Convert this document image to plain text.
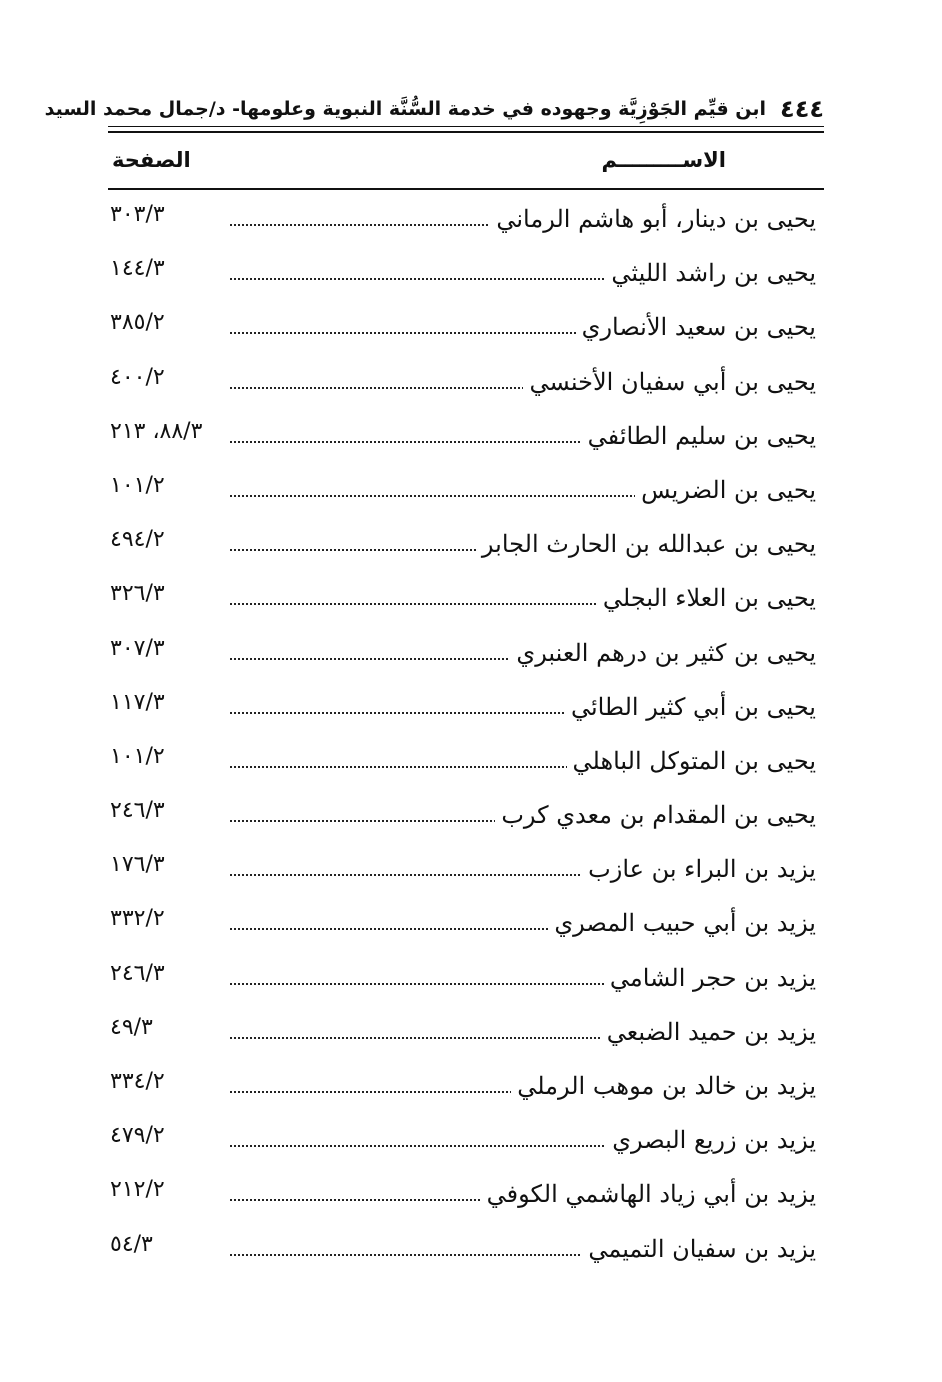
٤٤٤
ابن قيِّم الجَوْزِيَّة وجهوده في خدمة السُّنَّة النبوية وعلومها- د/جمال محمد السيد
الاســـــــــم
الصفحة
يحيى بن دينار، أبو هاشم الرماني
٣٠٣/٣
يحيى بن راشد الليثي
١٤٤/٣
يحيى بن سعيد الأنصاري
٣٨٥/٢
يحيى بن أبي سفيان الأخنسي
٤٠٠/٢
يحيى بن سليم الطائفي
٨٨/٣، ٢١٣
يحيى بن الضريس
١٠١/٢
يحيى بن عبدالله بن الحارث الجابر
٤٩٤/٢
يحيى بن العلاء البجلي
٣٢٦/٣
يحيى بن كثير بن درهم العنبري
٣٠٧/٣
يحيى بن أبي كثير الطائي
١١٧/٣
يحيى بن المتوكل الباهلي
١٠١/٢
يحيى بن المقدام بن معدي كرب
٢٤٦/٣
يزيد بن البراء بن عازب
١٧٦/٣
يزيد بن أبي حبيب المصري
٣٣٢/٢
يزيد بن حجر الشامي
٢٤٦/٣
يزيد بن حميد الضبعي
٤٩/٣
يزيد بن خالد بن موهب الرملي
٣٣٤/٢
يزيد بن زريع البصري
٤٧٩/٢
يزيد بن أبي زياد الهاشمي الكوفي
٢١٢/٢
يزيد بن سفيان التميمي
٥٤/٣
